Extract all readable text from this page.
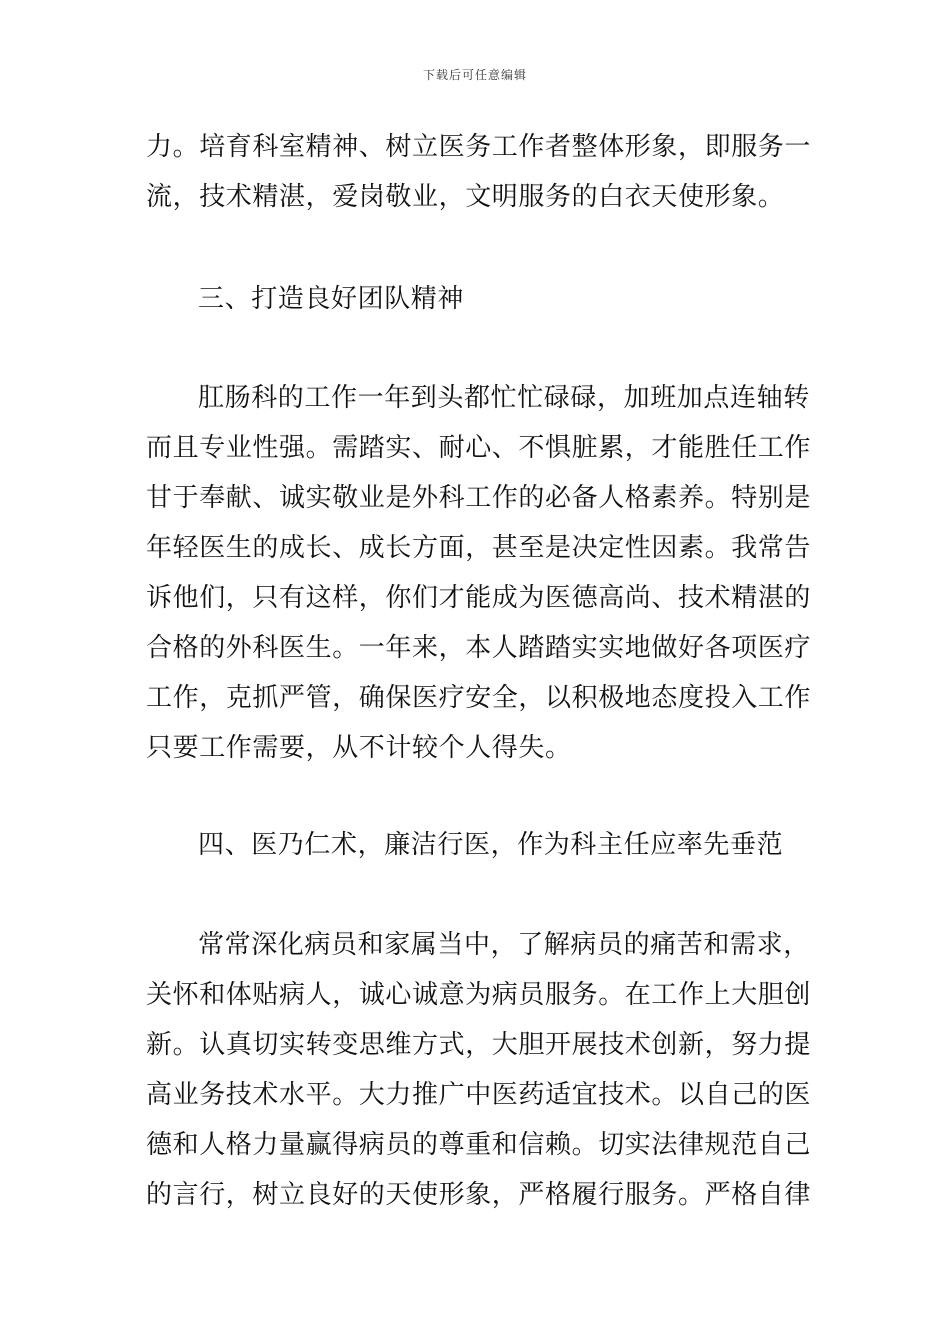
下载后可任意编辑

力。培育科室精神、树立医务工作者整体形象，即服务一
流，技术精湛，爱岗敬业，文明服务的白衣天使形象。

三、打造良好团队精神

肛肠科的工作一年到头都忙忙碌碌，加班加点连轴转
而且专业性强。需踏实、耐心、不惧脏累，才能胜任工作
甘于奉献、诚实敬业是外科工作的必备人格素养。特别是
年轻医生的成长、成长方面，甚至是决定性因素。我常告
诉他们，只有这样，你们才能成为医德高尚、技术精湛的
合格的外科医生。一年来，本人踏踏实实地做好各项医疗
工作，克抓严管，确保医疗安全，以积极地态度投入工作
只要工作需要，从不计较个人得失。

四、医乃仁术，廉洁行医，作为科主任应率先垂范

常常深化病员和家属当中，了解病员的痛苦和需求，
关怀和体贴病人，诚心诚意为病员服务。在工作上大胆创
新。认真切实转变思维方式，大胆开展技术创新，努力提
高业务技术水平。大力推广中医药适宜技术。以自己的医
德和人格力量赢得病员的尊重和信赖。切实法律规范自己
的言行，树立良好的天使形象，严格履行服务。严格自律
